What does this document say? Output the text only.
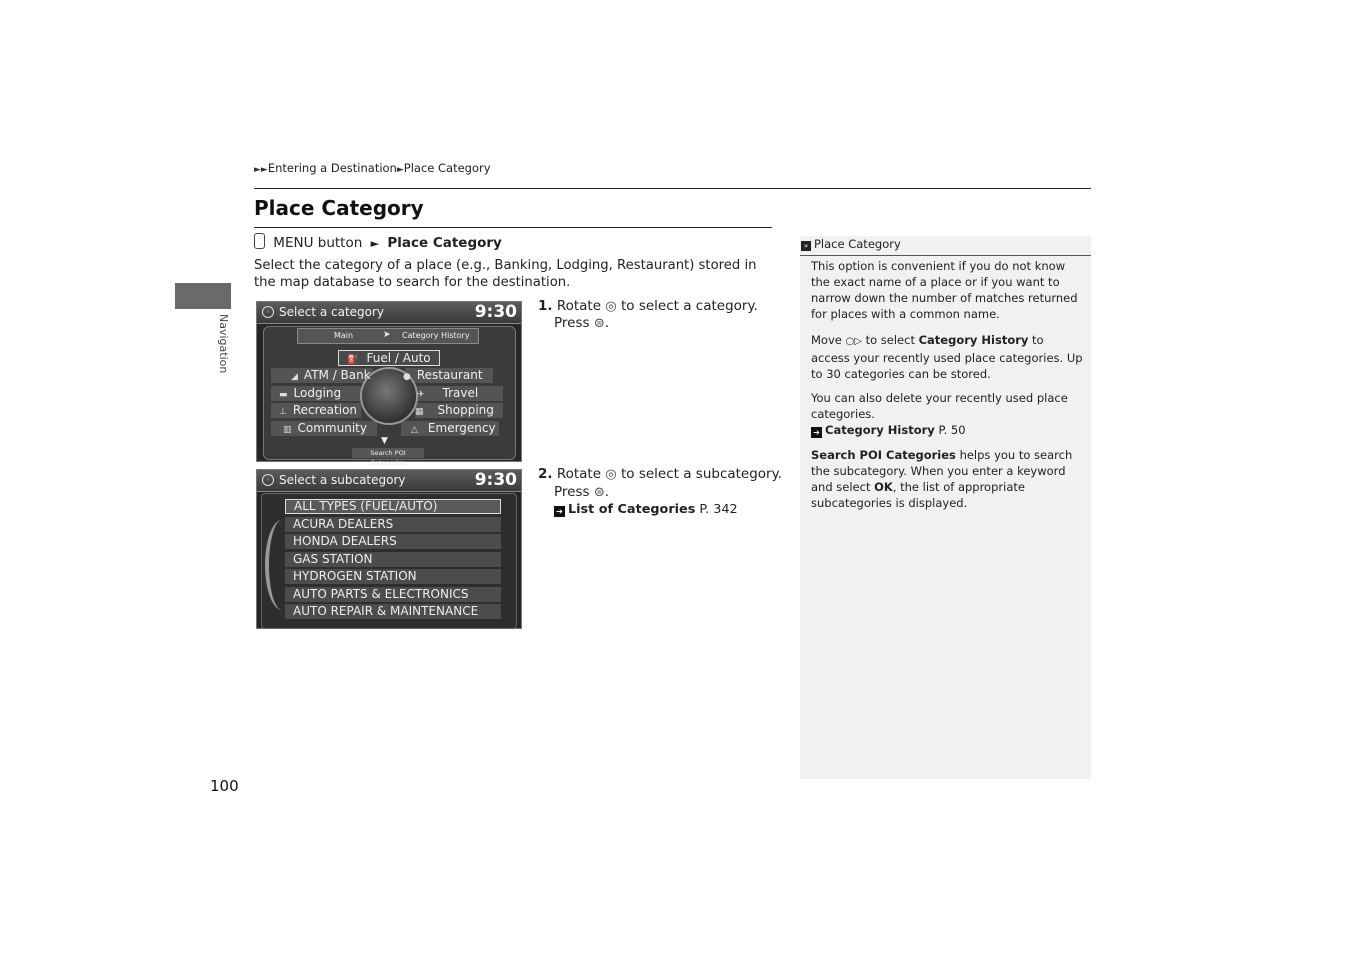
►►Entering a Destination►Place Category
Place Category
Navigation
100
MENU button ► Place Category
Select the category of a place (e.g., Banking, Lodging, Restaurant) stored in the map database to search for the destination.
◦ Select a category	9:30
Main	➤ Category History
⛽ Fuel / Auto
◢ ATM / Bank
▬ Lodging
⊥ Recreation
▥ Community
● Restaurant
✈ Travel
▦ Shopping
△ Emergency
▼
Search POI Categories
◦ Select a subcategory	9:30
ALL TYPES (FUEL/AUTO)
ACURA DEALERS
HONDA DEALERS
GAS STATION
HYDROGEN STATION
AUTO PARTS & ELECTRONICS
AUTO REPAIR & MAINTENANCE
1. Rotate ◎ to select a category.
Press ⊜.
2. Rotate ◎ to select a subcategory.
Press ⊜.
➔ List of Categories P. 342
» Place Category
This option is convenient if you do not know the exact name of a place or if you want to narrow down the number of matches returned for places with a common name.
Move ○▷ to select Category History to access your recently used place categories. Up to 30 categories can be stored.
You can also delete your recently used place categories.
➔ Category History P. 50
Search POI Categories helps you to search the subcategory. When you enter a keyword and select OK, the list of appropriate subcategories is displayed.
